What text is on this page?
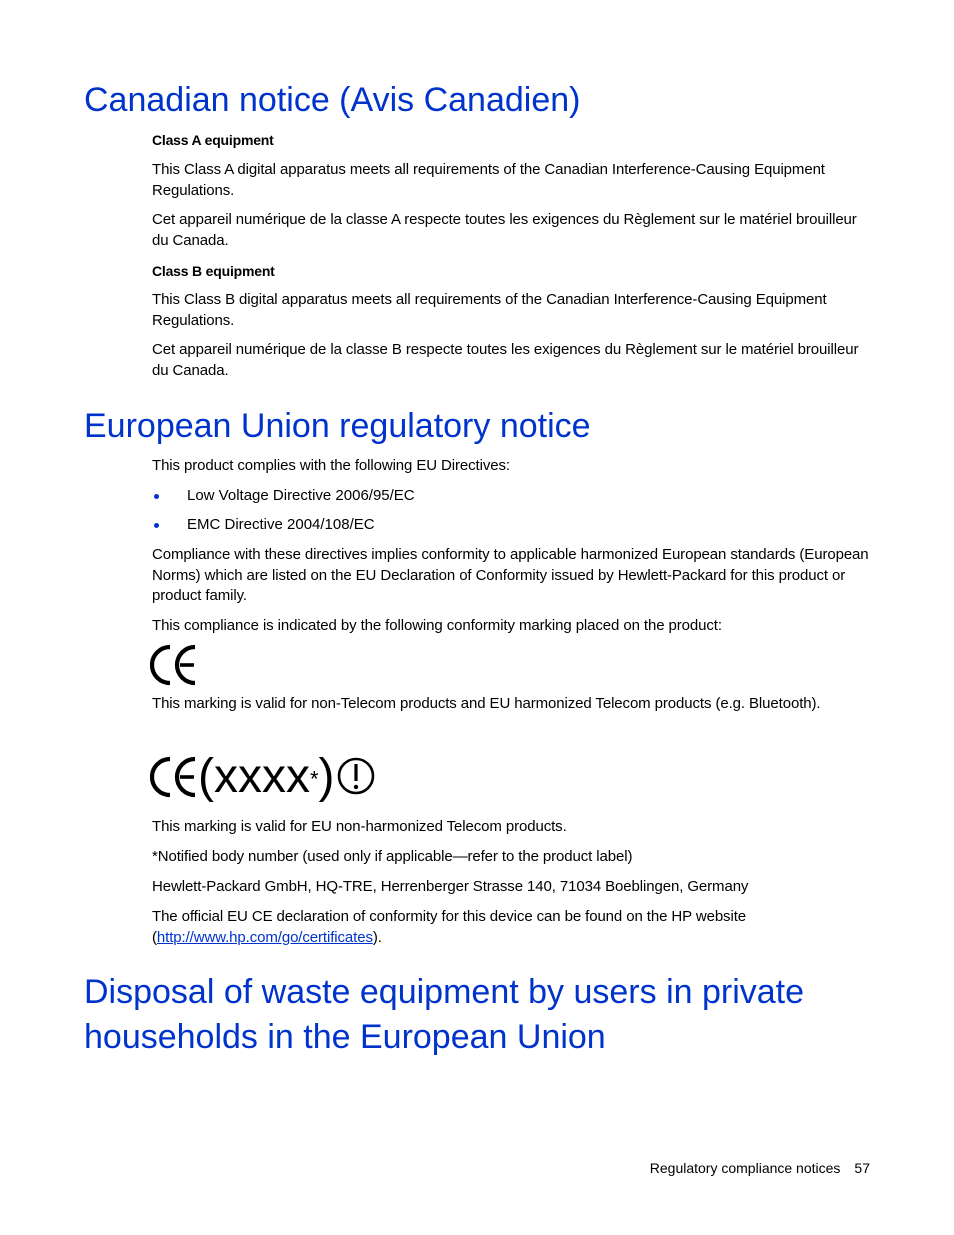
Canadian notice (Avis Canadien)
Class A equipment

This Class A digital apparatus meets all requirements of the Canadian Interference-Causing Equipment Regulations.

Cet appareil numérique de la classe A respecte toutes les exigences du Règlement sur le matériel brouilleur du Canada.

Class B equipment

This Class B digital apparatus meets all requirements of the Canadian Interference-Causing Equipment Regulations.

Cet appareil numérique de la classe B respecte toutes les exigences du Règlement sur le matériel brouilleur du Canada.

European Union regulatory notice

This product complies with the following EU Directives:

Low Voltage Directive 2006/95/EC
EMC Directive 2004/108/EC

Compliance with these directives implies conformity to applicable harmonized European standards (European Norms) which are listed on the EU Declaration of Conformity issued by Hewlett-Packard for this product or product family.

This compliance is indicated by the following conformity marking placed on the product:

This marking is valid for non-Telecom products and EU harmonized Telecom products (e.g. Bluetooth).

(xxxx*)

This marking is valid for EU non-harmonized Telecom products.

*Notified body number (used only if applicable—refer to the product label)

Hewlett-Packard GmbH, HQ-TRE, Herrenberger Strasse 140, 71034 Boeblingen, Germany

The official EU CE declaration of conformity for this device can be found on the HP website (http://www.hp.com/go/certificates).

Disposal of waste equipment by users in private
households in the European Union
Regulatory compliance notices 57
